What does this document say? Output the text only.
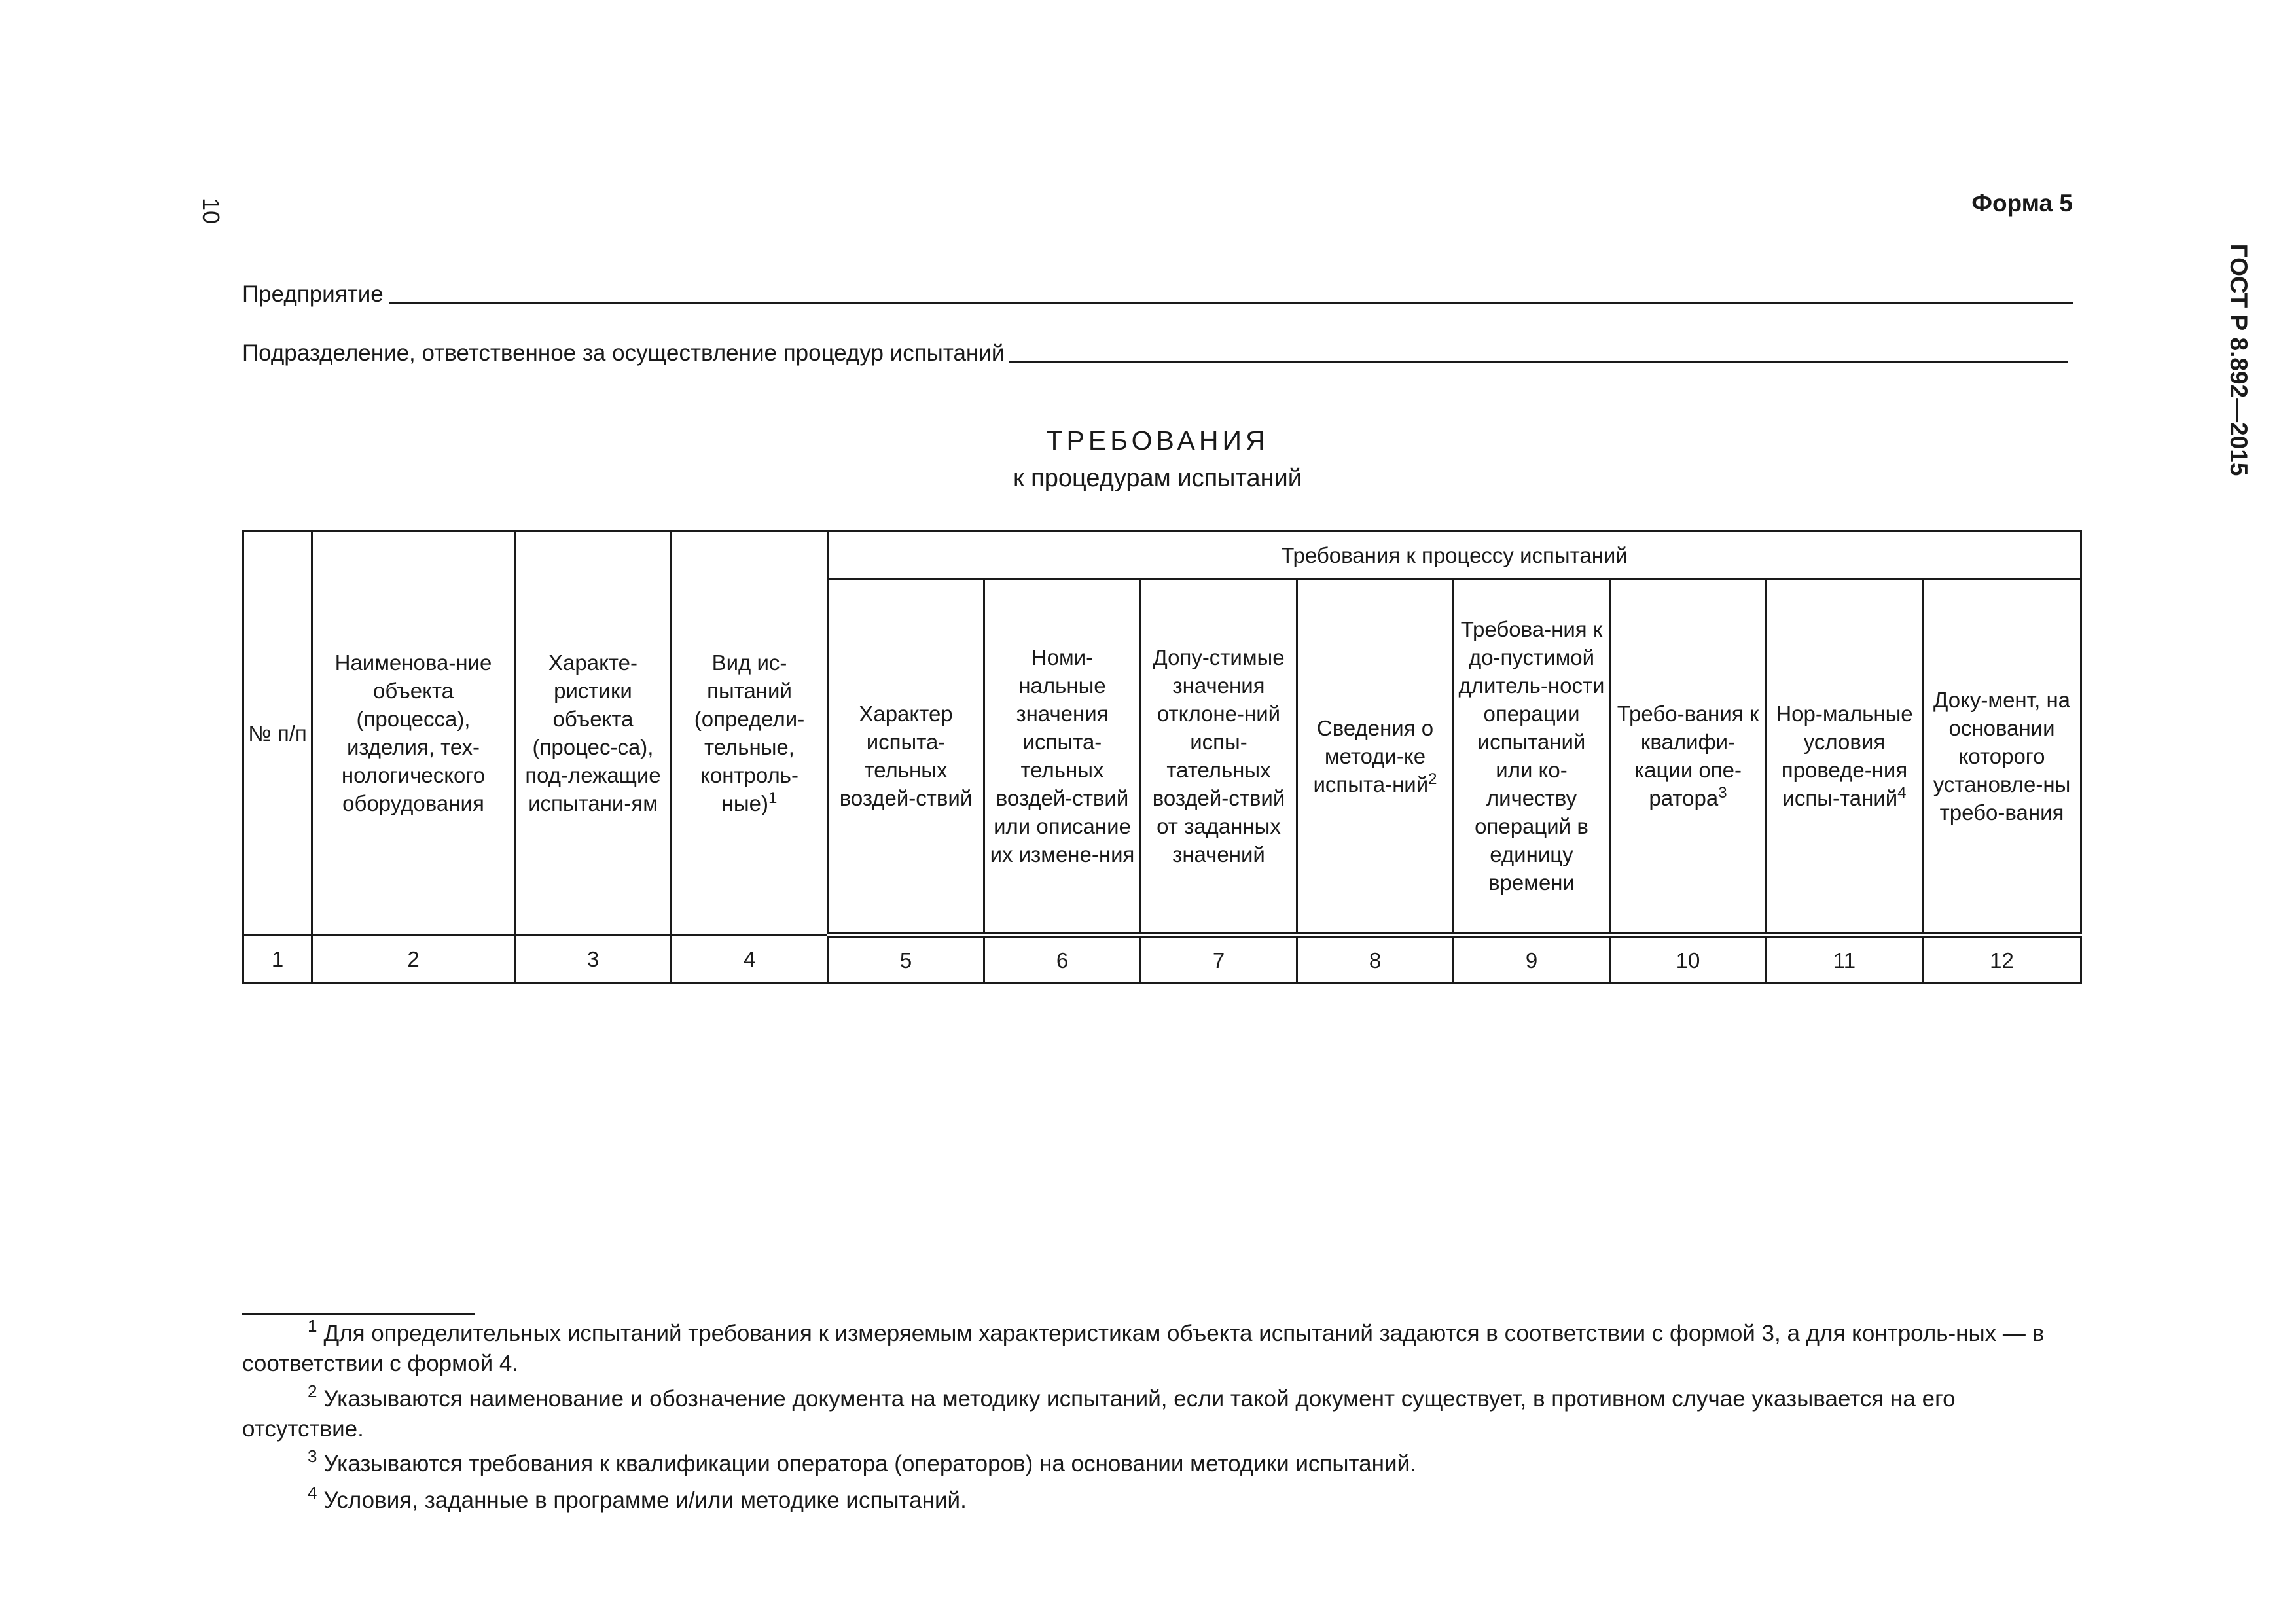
10
ГОСТ Р 8.892—2015
Форма 5
Предприятие
Подразделение, ответственное за осуществление процедур испытаний
ТРЕБОВАНИЯ
к процедурам испытаний
№ п/п	Наименова-ние объекта (процесса), изделия, тех-нологического оборудования	Характе-ристики объекта (процес-са), под-лежащие испытани-ям	Вид ис-пытаний (определи-тельные, контроль-ные)$^1$	Требования к процессу испытаний							
				Характер испыта-тельных воздей-ствий	Номи-нальные значения испыта-тельных воздей-ствий или описание их измене-ния	Допу-стимые значения отклоне-ний испы-тательных воздей-ствий от заданных значений	Сведения о методи-ке испыта-ний$^2$	Требова-ния к до-пустимой длитель-ности операции испытаний или ко-личеству операций в единицу времени	Требо-вания к квалифи-кации опе-ратора$^3$	Нор-мальные условия проведе-ния испы-таний$^4$	Доку-мент, на основании которого установле-ны требо-вания
1	2	3	4	5	6	7	8	9	10	11	12
$^1$ Для определительных испытаний требования к измеряемым характеристикам объекта испытаний задаются в соответствии с формой 3, а для контроль-ных — в соответствии с формой 4.
$^2$ Указываются наименование и обозначение документа на методику испытаний, если такой документ существует, в противном случае указывается на его отсутствие.
$^3$ Указываются требования к квалификации оператора (операторов) на основании методики испытаний.
$^4$ Условия, заданные в программе и/или методике испытаний.
